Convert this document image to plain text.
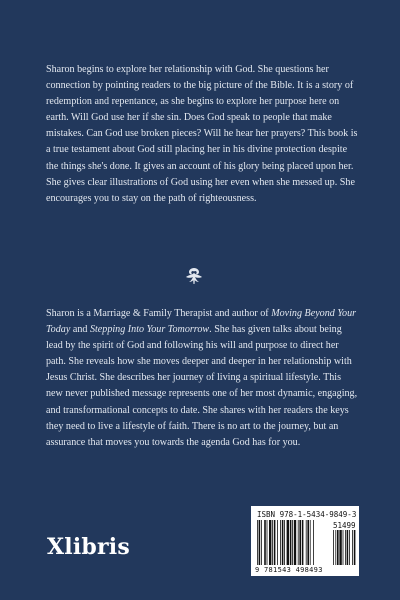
Sharon begins to explore her relationship with God. She questions her connection by pointing readers to the big picture of the Bible. It is a story of redemption and repentance, as she begins to explore her purpose here on earth. Will God use her if she sin. Does God speak to people that make mistakes. Can God use broken pieces? Will he hear her prayers? This book is a true testament about God still placing her in his divine protection despite the things she's done. It gives an account of his glory being placed upon her. She gives clear illustrations of God using her even when she messed up. She encourages you to stay on the path of righteousness.

Sharon is a Marriage & Family Therapist and author of Moving Beyond Your Today and Stepping Into Your Tomorrow. She has given talks about being lead by the spirit of God and following his will and purpose to direct her path. She reveals how she moves deeper and deeper in her relationship with Jesus Christ. She describes her journey of living a spiritual lifestyle. This new never published message represents one of her most dynamic, engaging, and transformational concepts to date. She shares with her readers the keys they need to live a lifestyle of faith. There is no art to the journey, but an assurance that moves you towards the agenda God has for you.

Xlibris
ISBN 978-1-5434-9849-3
51499
9 781543 498493
